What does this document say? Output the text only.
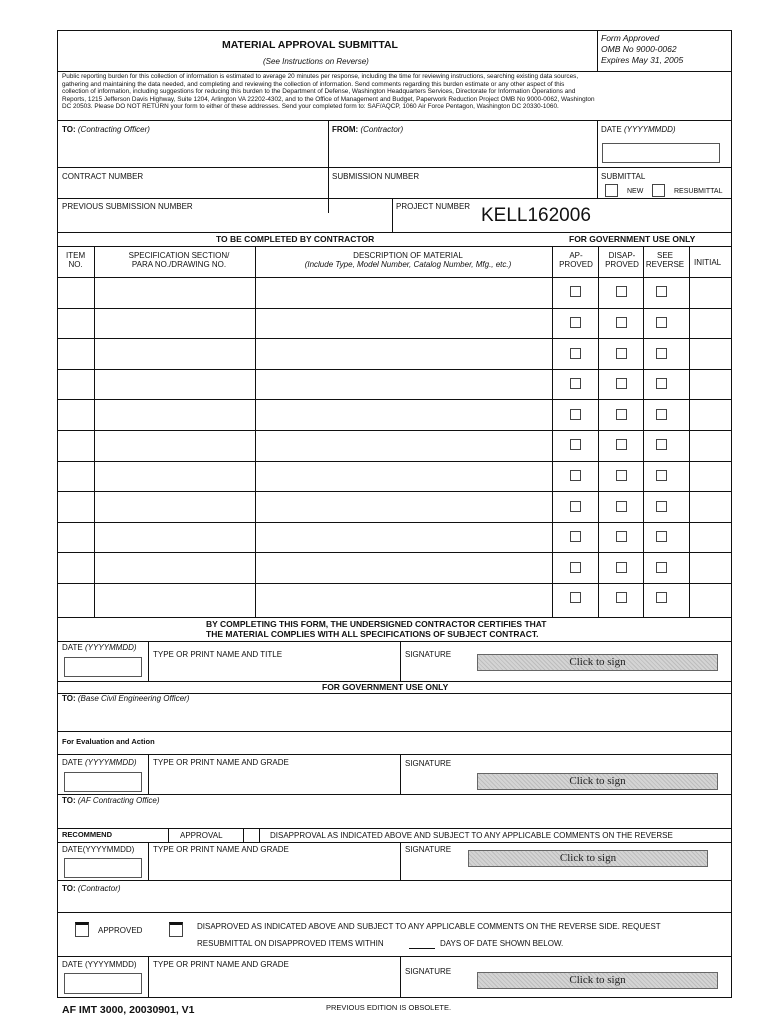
MATERIAL APPROVAL SUBMITTAL
(See Instructions on Reverse)
Form Approved
OMB No 9000-0062
Expires May 31, 2005
Public reporting burden for this collection of information is estimated to average 20 minutes per response, including the time for reviewing instructions, searching existing data sources,
gathering and maintaining the data needed, and completing and reviewing the collection of information. Send comments regarding this burden estimate or any other aspect of this
collection of information, including suggestions for reducing this burden to the Department of Defense, Washington Headquarters Services, Directorate for Information Operations and
Reports, 1215 Jefferson Davis Highway, Suite 1204, Arlington VA 22202-4302, and to the Office of Management and Budget, Paperwork Reduction Project OMB No 9000-0062, Washington
DC 20503. Please DO NOT RETURN your form to either of these addresses. Send your completed form to: SAF/AQCP, 1060 Air Force Pentagon, Washington DC 20330-1060.
TO: (Contracting Officer)	FROM: (Contractor)	DATE (YYYYMMDD)
CONTRACT NUMBER	SUBMISSION NUMBER	SUBMITTAL
NEW	RESUBMITTAL
PREVIOUS SUBMISSION NUMBER	PROJECT NUMBER KELL162006
TO BE COMPLETED BY CONTRACTOR	FOR GOVERNMENT USE ONLY
ITEM
NO.
SPECIFICATION SECTION/
PARA NO./DRAWING NO.
DESCRIPTION OF MATERIAL
(Include Type, Model Number, Catalog Number, Mfg., etc.)
AP-
PROVED
DISAP-
PROVED
SEE
REVERSE	INITIAL
BY COMPLETING THIS FORM, THE UNDERSIGNED CONTRACTOR CERTIFIES THAT
THE MATERIAL COMPLIES WITH ALL SPECIFICATIONS OF SUBJECT CONTRACT.
DATE (YYYYMMDD)
TYPE OR PRINT NAME AND TITLE	SIGNATURE
Click to sign
FOR GOVERNMENT USE ONLY
TO: (Base Civil Engineering Officer)
For Evaluation and Action
DATE (YYYYMMDD) TYPE OR PRINT NAME AND GRADE	SIGNATURE
Click to sign
TO: (AF Contracting Office)
RECOMMEND	APPROVAL	DISAPPROVAL AS INDICATED ABOVE AND SUBJECT TO ANY APPLICABLE COMMENTS ON THE REVERSE
DATE(YYYYMMDD) TYPE OR PRINT NAME AND GRADE	SIGNATURE
Click to sign
TO: (Contractor)
APPROVED	DISAPROVED AS INDICATED ABOVE AND SUBJECT TO ANY APPLICABLE COMMENTS ON THE REVERSE SIDE. REQUEST
RESUBMITTAL ON DISAPPROVED ITEMS WITHIN	DAYS OF DATE SHOWN BELOW.
DATE (YYYYMMDD) TYPE OR PRINT NAME AND GRADE
SIGNATURE
Click to sign
AF IMT 3000, 20030901, V1	PREVIOUS EDITION IS OBSOLETE.
